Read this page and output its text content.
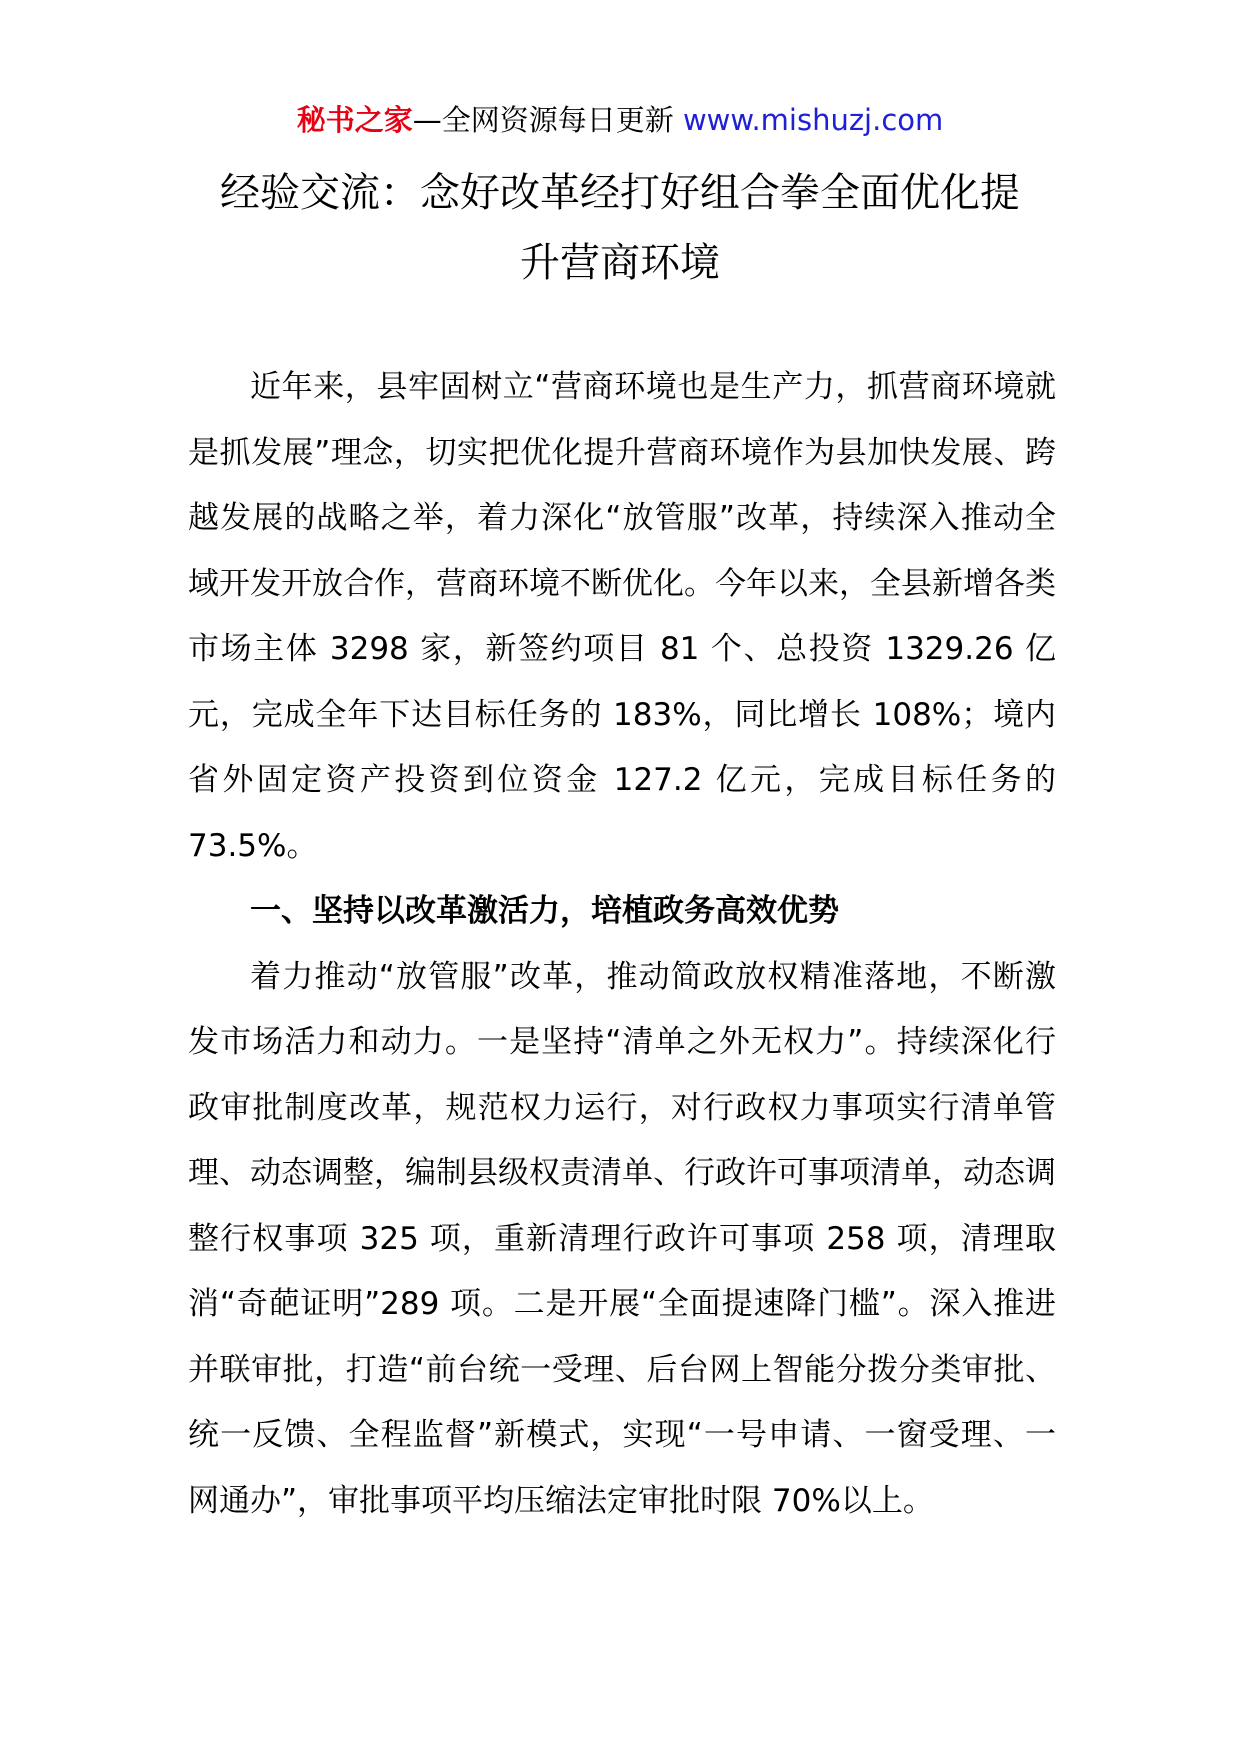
秘书之家—全网资源每日更新 www.mishuzj.com
经验交流：念好改革经打好组合拳全面优化提
升营商环境

近年来，县牢固树立“营商环境也是生产力，抓营商环境就是抓发展”理念，切实把优化提升营商环境作为县加快发展、跨越发展的战略之举，着力深化“放管服”改革，持续深入推动全域开发开放合作，营商环境不断优化。今年以来，全县新增各类市场主体 3298 家，新签约项目 81 个、总投资 1329.26 亿元，完成全年下达目标任务的 183%，同比增长 108%；境内省外固定资产投资到位资金 127.2 亿元，完成目标任务的 73.5%。

一、坚持以改革激活力，培植政务高效优势

着力推动“放管服”改革，推动简政放权精准落地，不断激发市场活力和动力。一是坚持“清单之外无权力”。持续深化行政审批制度改革，规范权力运行，对行政权力事项实行清单管理、动态调整，编制县级权责清单、行政许可事项清单，动态调整行权事项 325 项，重新清理行政许可事项 258 项，清理取消“奇葩证明”289 项。二是开展“全面提速降门槛”。深入推进并联审批，打造“前台统一受理、后台网上智能分拨分类审批、统一反馈、全程监督”新模式，实现“一号申请、一窗受理、一网通办”，审批事项平均压缩法定审批时限 70%以上。
